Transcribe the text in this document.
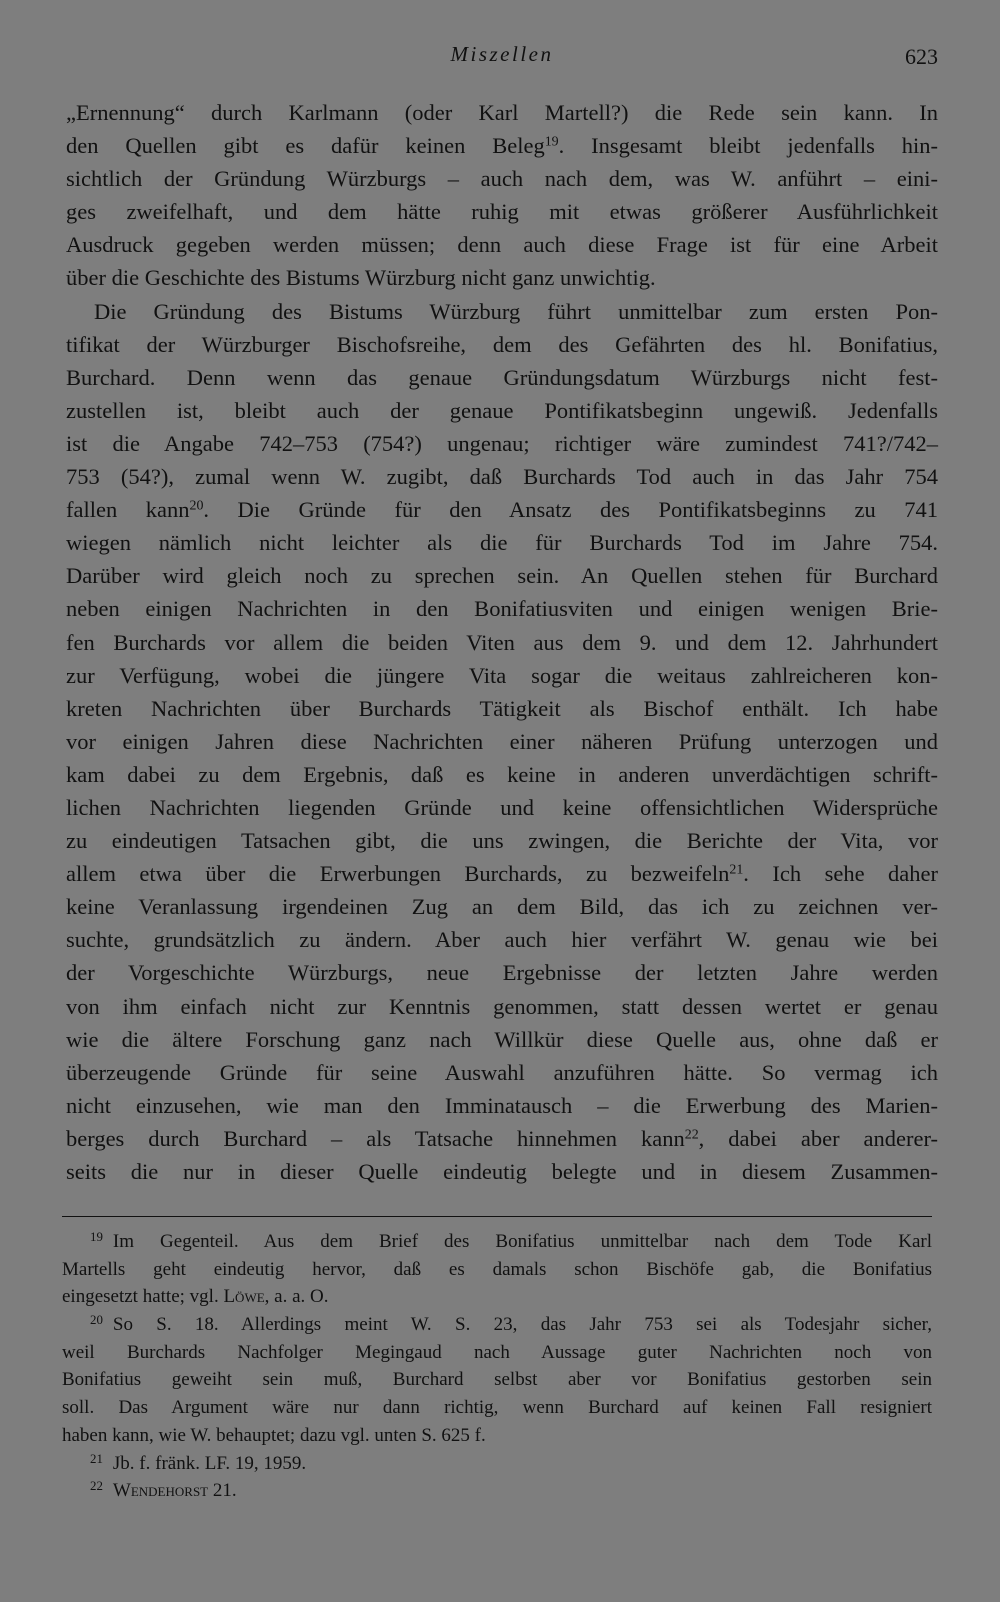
Miszellen	623
„Ernennung“ durch Karlmann (oder Karl Martell?) die Rede sein kann. In
den Quellen gibt es dafür keinen Beleg$^{19}$. Insgesamt bleibt jedenfalls hin-
sichtlich der Gründung Würzburgs – auch nach dem, was W. anführt – eini-
ges zweifelhaft, und dem hätte ruhig mit etwas größerer Ausführlichkeit
Ausdruck gegeben werden müssen; denn auch diese Frage ist für eine Arbeit
über die Geschichte des Bistums Würzburg nicht ganz unwichtig.
Die Gründung des Bistums Würzburg führt unmittelbar zum ersten Pon-
tifikat der Würzburger Bischofsreihe, dem des Gefährten des hl. Bonifatius,
Burchard. Denn wenn das genaue Gründungsdatum Würzburgs nicht fest-
zustellen ist, bleibt auch der genaue Pontifikatsbeginn ungewiß. Jedenfalls
ist die Angabe 742–753 (754?) ungenau; richtiger wäre zumindest 741?/742–
753 (54?), zumal wenn W. zugibt, daß Burchards Tod auch in das Jahr 754
fallen kann$^{20}$. Die Gründe für den Ansatz des Pontifikatsbeginns zu 741
wiegen nämlich nicht leichter als die für Burchards Tod im Jahre 754.
Darüber wird gleich noch zu sprechen sein. An Quellen stehen für Burchard
neben einigen Nachrichten in den Bonifatiusviten und einigen wenigen Brie-
fen Burchards vor allem die beiden Viten aus dem 9. und dem 12. Jahrhundert
zur Verfügung, wobei die jüngere Vita sogar die weitaus zahlreicheren kon-
kreten Nachrichten über Burchards Tätigkeit als Bischof enthält. Ich habe
vor einigen Jahren diese Nachrichten einer näheren Prüfung unterzogen und
kam dabei zu dem Ergebnis, daß es keine in anderen unverdächtigen schrift-
lichen Nachrichten liegenden Gründe und keine offensichtlichen Widersprüche
zu eindeutigen Tatsachen gibt, die uns zwingen, die Berichte der Vita, vor
allem etwa über die Erwerbungen Burchards, zu bezweifeln$^{21}$. Ich sehe daher
keine Veranlassung irgendeinen Zug an dem Bild, das ich zu zeichnen ver-
suchte, grundsätzlich zu ändern. Aber auch hier verfährt W. genau wie bei
der Vorgeschichte Würzburgs, neue Ergebnisse der letzten Jahre werden
von ihm einfach nicht zur Kenntnis genommen, statt dessen wertet er genau
wie die ältere Forschung ganz nach Willkür diese Quelle aus, ohne daß er
überzeugende Gründe für seine Auswahl anzuführen hätte. So vermag ich
nicht einzusehen, wie man den Imminatausch – die Erwerbung des Marien-
berges durch Burchard – als Tatsache hinnehmen kann$^{22}$, dabei aber anderer-
seits die nur in dieser Quelle eindeutig belegte und in diesem Zusammen-
$^{19}$ Im Gegenteil. Aus dem Brief des Bonifatius unmittelbar nach dem Tode Karl
Martells geht eindeutig hervor, daß es damals schon Bischöfe gab, die Bonifatius
eingesetzt hatte; vgl. Löwe, a. a. O.
$^{20}$ So S. 18. Allerdings meint W. S. 23, das Jahr 753 sei als Todesjahr sicher,
weil Burchards Nachfolger Megingaud nach Aussage guter Nachrichten noch von
Bonifatius geweiht sein muß, Burchard selbst aber vor Bonifatius gestorben sein
soll. Das Argument wäre nur dann richtig, wenn Burchard auf keinen Fall resigniert
haben kann, wie W. behauptet; dazu vgl. unten S. 625 f.
$^{21}$ Jb. f. fränk. LF. 19, 1959.
$^{22}$ Wendehorst 21.
